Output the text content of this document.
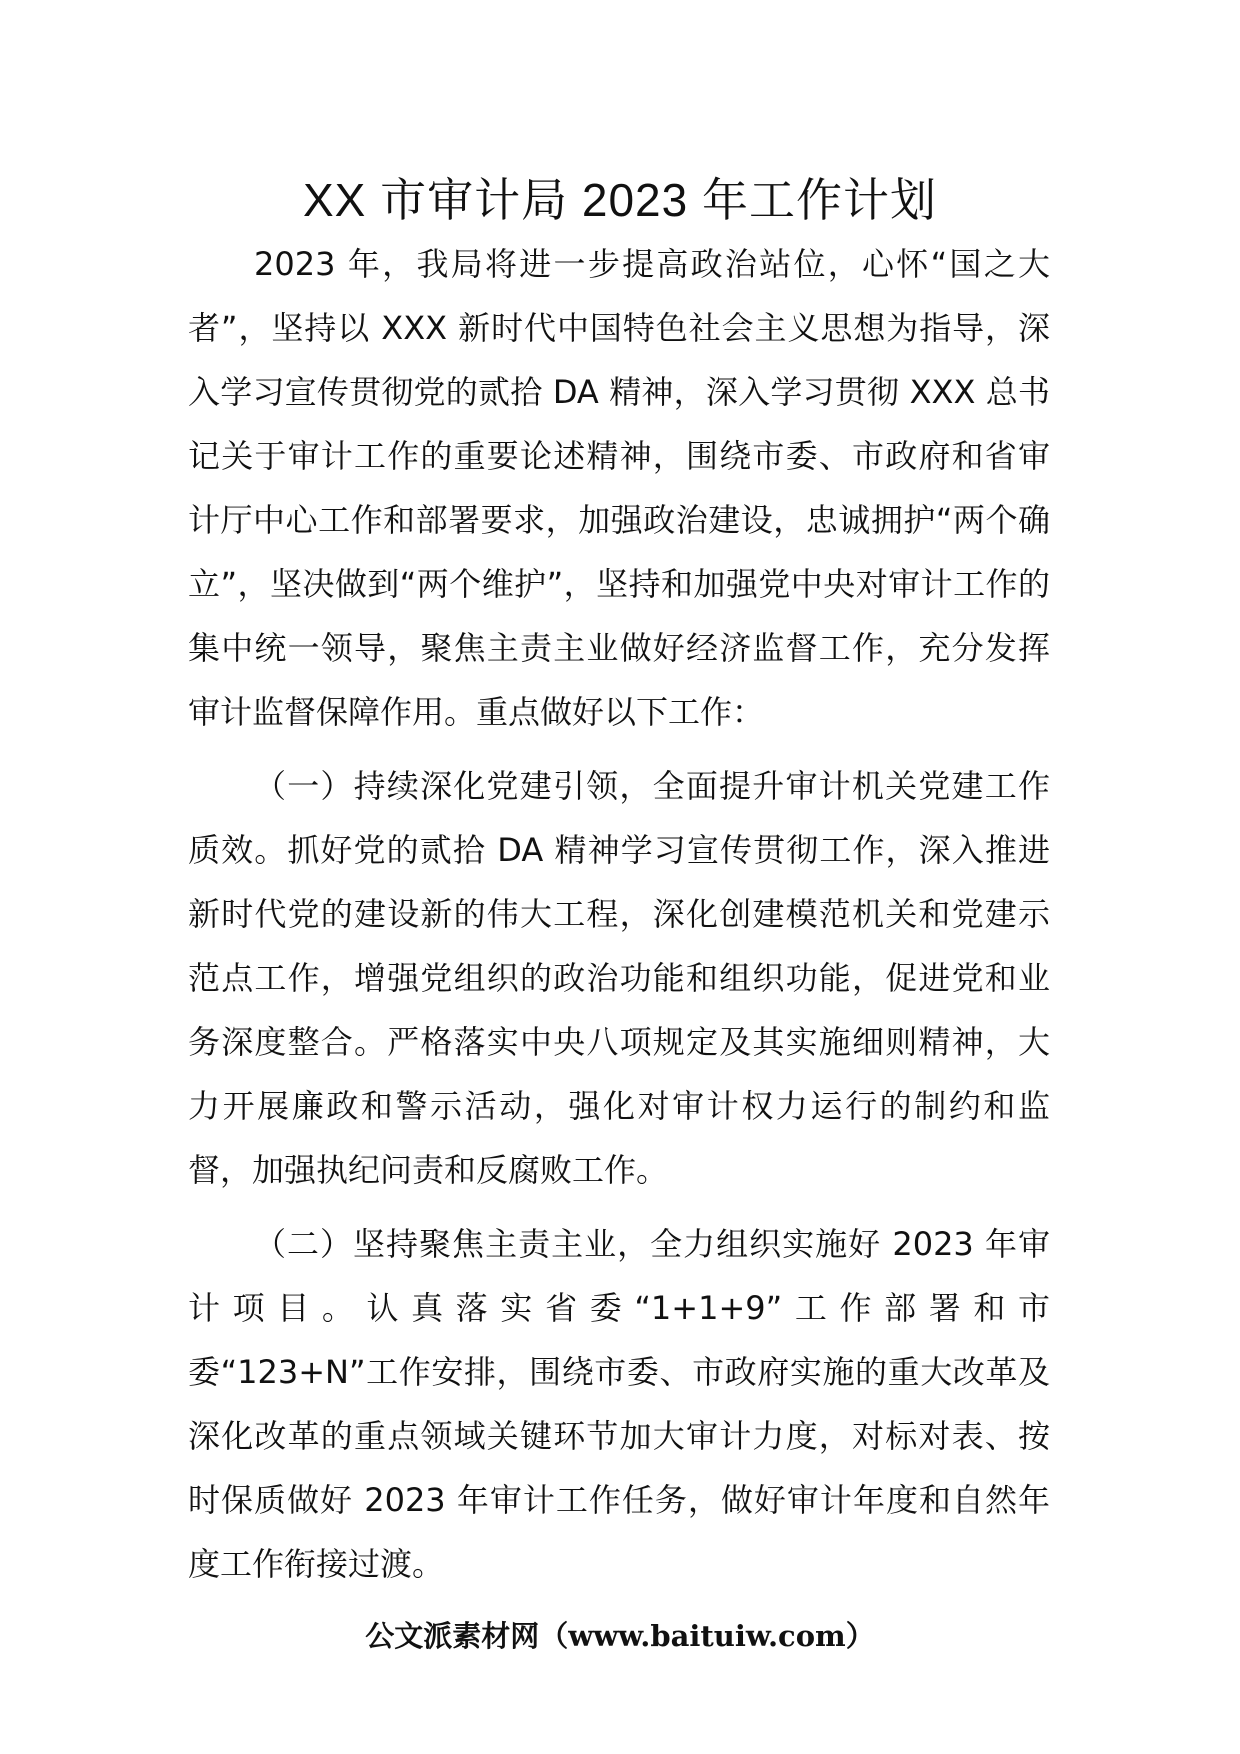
XX 市审计局 2023 年工作计划

2023 年，我局将进一步提高政治站位，心怀“国之大者”，坚持以 XXX 新时代中国特色社会主义思想为指导，深入学习宣传贯彻党的贰拾 DA 精神，深入学习贯彻 XXX 总书记关于审计工作的重要论述精神，围绕市委、市政府和省审计厅中心工作和部署要求，加强政治建设，忠诚拥护“两个确立”，坚决做到“两个维护”，坚持和加强党中央对审计工作的集中统一领导，聚焦主责主业做好经济监督工作，充分发挥审计监督保障作用。重点做好以下工作：

（一）持续深化党建引领，全面提升审计机关党建工作质效。抓好党的贰拾 DA 精神学习宣传贯彻工作，深入推进新时代党的建设新的伟大工程，深化创建模范机关和党建示范点工作，增强党组织的政治功能和组织功能，促进党和业务深度整合。严格落实中央八项规定及其实施细则精神，大力开展廉政和警示活动，强化对审计权力运行的制约和监督，加强执纪问责和反腐败工作。

（二）坚持聚焦主责主业，全力组织实施好 2023 年审计项目。认真落实省委“1+1+9”工作部署和市委“123+N”工作安排，围绕市委、市政府实施的重大改革及深化改革的重点领域关键环节加大审计力度，对标对表、按时保质做好 2023 年审计工作任务，做好审计年度和自然年度工作衔接过渡。

公文派素材网（www.baituiw.com）
